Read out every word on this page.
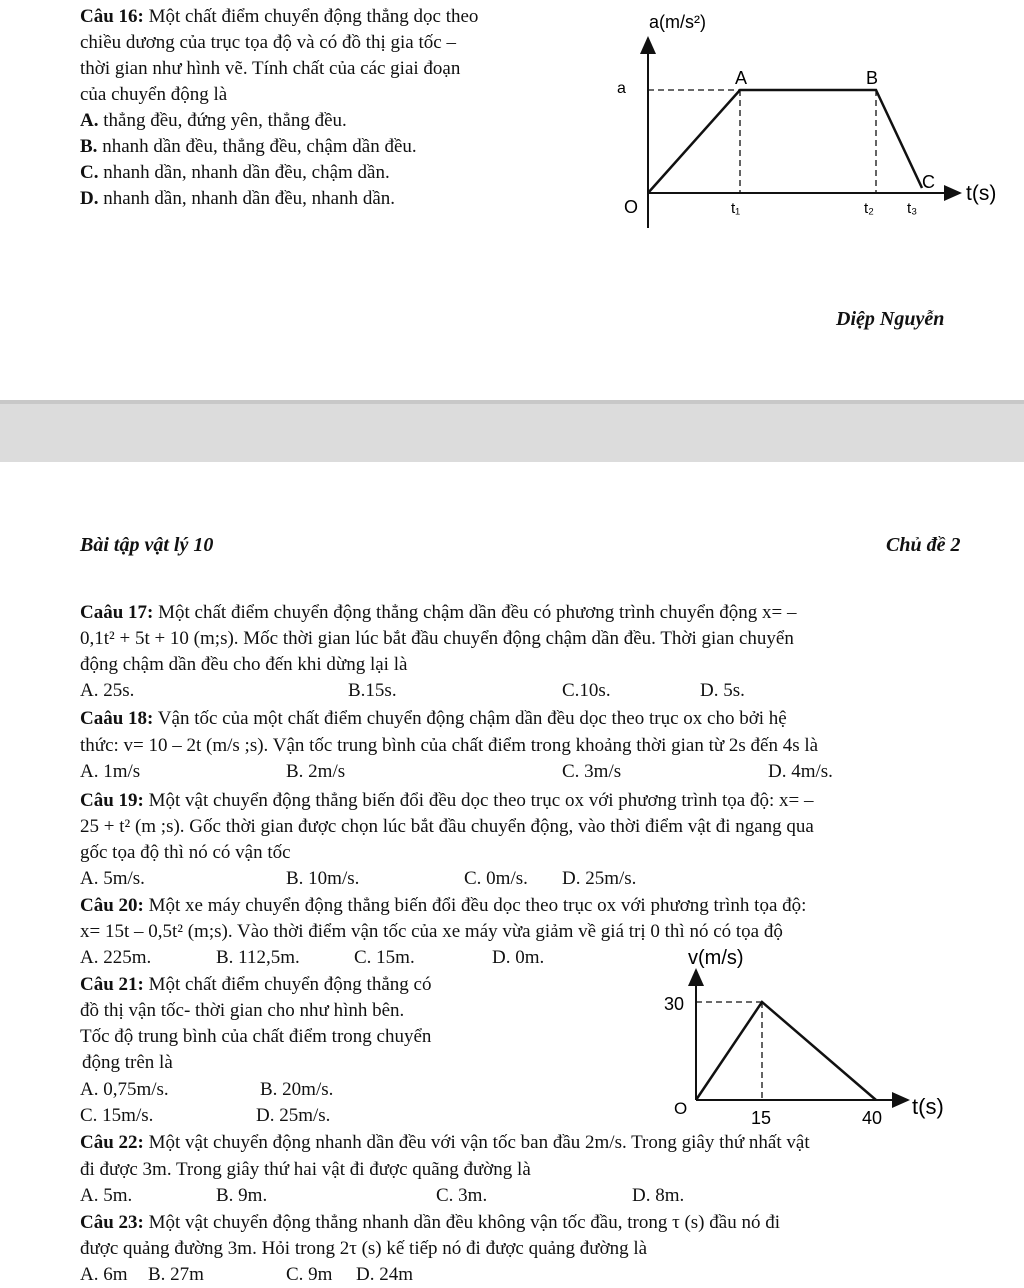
Câu 16: Một chất điểm chuyển động thẳng dọc theo
chiều dương của trục tọa độ và có đồ thị gia tốc –
thời gian như hình vẽ. Tính chất của các giai đoạn
của chuyển động là
A. thẳng đều, đứng yên, thẳng đều.
B. nhanh dần đều, thẳng đều, chậm dần đều.
C. nhanh dần, nhanh dần đều, chậm dần.
D. nhanh dần, nhanh dần đều, nhanh dần.
a(m/s²)
a
A	B
C
O	t₁	t₂ t₃
t(s)
Diệp Nguyễn
Bài tập vật lý 10	Chủ đề 2
Caâu 17: Một chất điểm chuyển động thẳng chậm dần đều có phương trình chuyển động x= –
0,1t² + 5t + 10 (m;s). Mốc thời gian lúc bắt đầu chuyển động chậm dần đều. Thời gian chuyển
động chậm dần đều cho đến khi dừng lại là
A. 25s.	B.15s.	C.10s.	D. 5s.
Caâu 18: Vận tốc của một chất điểm chuyển động chậm dần đều dọc theo trục ox cho bởi hệ
thức: v= 10 – 2t (m/s ;s). Vận tốc trung bình của chất điểm trong khoảng thời gian từ 2s đến 4s là
A. 1m/s	B. 2m/s	C. 3m/s	D. 4m/s.
Câu 19: Một vật chuyển động thẳng biến đổi đều dọc theo trục ox với phương trình tọa độ: x= –
25 + t² (m ;s). Gốc thời gian được chọn lúc bắt đầu chuyển động, vào thời điểm vật đi ngang qua
gốc tọa độ thì nó có vận tốc
A. 5m/s.	B. 10m/s.	C. 0m/s. D. 25m/s.
Câu 20: Một xe máy chuyển động thẳng biến đổi đều dọc theo trục ox với phương trình tọa độ:
x= 15t – 0,5t² (m;s). Vào thời điểm vận tốc của xe máy vừa giảm về giá trị 0 thì nó có tọa độ
A. 225m.	B. 112,5m.	C. 15m.	D. 0m.
Câu 21: Một chất điểm chuyển động thẳng có
đồ thị vận tốc- thời gian cho như hình bên.
Tốc độ trung bình của chất điểm trong chuyển
động trên là
A. 0,75m/s.	B. 20m/s.
C. 15m/s.	D. 25m/s.
v(m/s)
30
O	15	40 t(s)
Câu 22: Một vật chuyển động nhanh dần đều với vận tốc ban đầu 2m/s. Trong giây thứ nhất vật
đi được 3m. Trong giây thứ hai vật đi được quãng đường là
A. 5m.	B. 9m.	C. 3m.	D. 8m.
Câu 23: Một vật chuyển động thẳng nhanh dần đều không vận tốc đầu, trong τ (s) đầu nó đi
được quảng đường 3m. Hỏi trong 2τ (s) kế tiếp nó đi được quảng đường là
A. 6m B. 27m	C. 9m D. 24m
